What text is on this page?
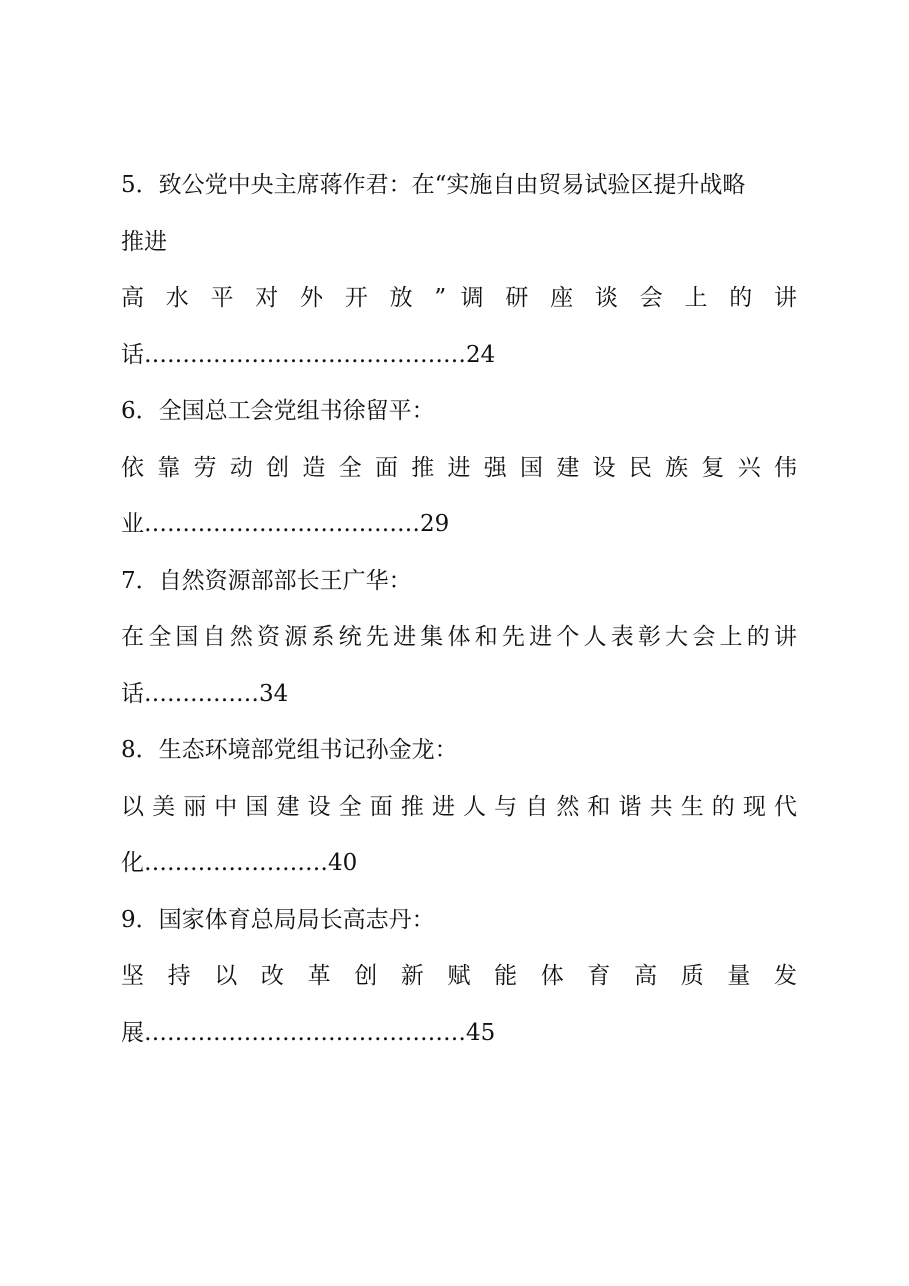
5．致公党中央主席蒋作君：在“实施自由贸易试验区提升战略
推进
高 水 平 对 外 开 放 ” 调 研 座 谈 会 上 的 讲
话……………………………………24
6．全国总工会党组书徐留平：
依 靠 劳 动 创 造 全 面 推 进 强 国 建 设 民 族 复 兴 伟
业………………………………29
7．自然资源部部长王广华：
在全国自然资源系统先进集体和先进个人表彰大会上的讲
话……………34
8．生态环境部党组书记孙金龙：
以美丽中国建设全面推进人与自然和谐共生的现代
化……………………40
9．国家体育总局局长高志丹：
坚 持 以 改 革 创 新 赋 能 体 育 高 质 量 发
展……………………………………45
